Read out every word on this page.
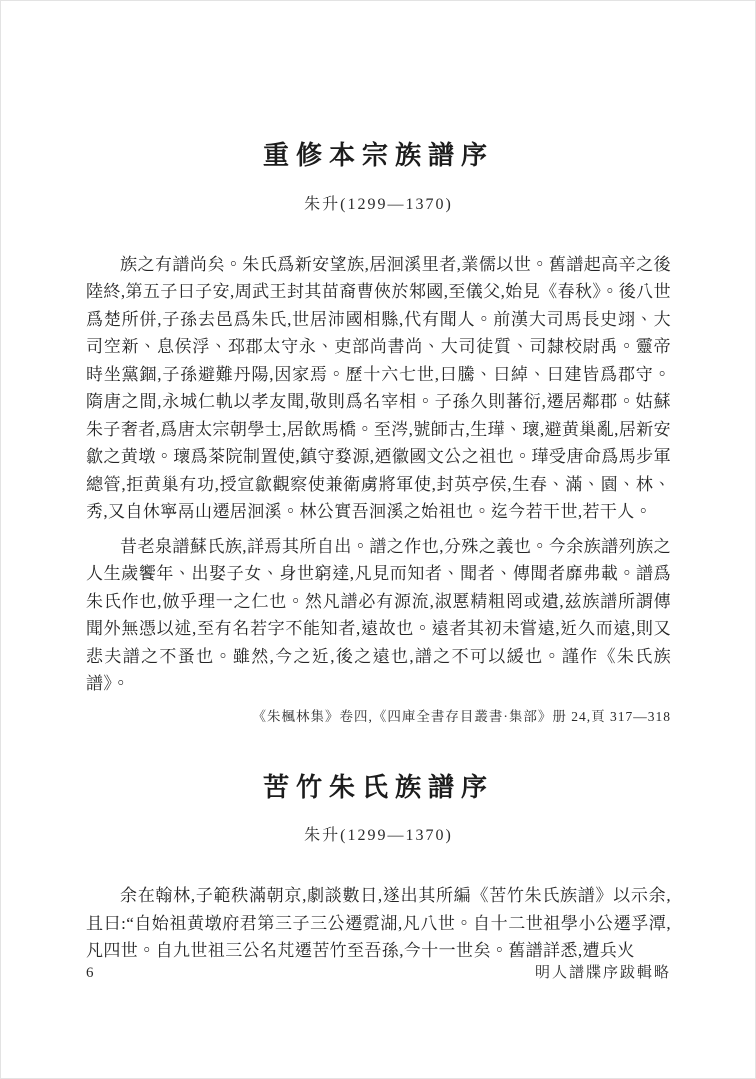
重修本宗族譜序
朱升(1299—1370)

族之有譜尚矣。朱氏爲新安望族,居洄溪里者,業儒以世。舊譜起高辛之後陸終,第五子曰子安,周武王封其苗裔曹俠於邾國,至儀父,始見《春秋》。後八世爲楚所併,子孫去邑爲朱氏,世居沛國相縣,代有聞人。前漢大司馬長史翊、大司空新、息侯浮、邳郡太守永、吏部尚書尚、大司徒質、司隸校尉禹。靈帝時坐黨錮,子孫避難丹陽,因家焉。歷十六七世,曰騰、曰綽、曰建皆爲郡守。隋唐之間,永城仁軌以孝友聞,敬則爲名宰相。子孫久則蕃衍,遷居鄰郡。姑蘇朱子奢者,爲唐太宗朝學士,居飲馬橋。至涔,號師古,生璍、瓌,避黄巢亂,居新安歙之黄墩。瓌爲茶院制置使,鎮守婺源,迺徽國文公之祖也。璍受唐命爲馬步軍總管,拒黄巢有功,授宣歙觀察使兼衛虜將軍使,封英亭侯,生春、滿、園、林、秀,又自休寧鬲山遷居洄溪。林公實吾洄溪之始祖也。迄今若干世,若干人。

昔老泉譜蘇氏族,詳焉其所自出。譜之作也,分殊之義也。今余族譜列族之人生歲饗年、出娶子女、身世窮達,凡見而知者、聞者、傳聞者靡弗載。譜爲朱氏作也,倣乎理一之仁也。然凡譜必有源流,淑慝精粗罔或遺,兹族譜所謂傳聞外無憑以述,至有名若字不能知者,遠故也。遠者其初未嘗遠,近久而遠,則又悲夫譜之不蚤也。雖然,今之近,後之遠也,譜之不可以緩也。謹作《朱氏族譜》。

《朱楓林集》卷四,《四庫全書存目叢書·集部》册 24,頁 317—318
苦竹朱氏族譜序
朱升(1299—1370)

余在翰林,子範秩滿朝京,劇談數日,遂出其所編《苦竹朱氏族譜》以示余,且曰:“自始祖黄墩府君第三子三公遷霓湖,凡八世。自十二世祖學小公遷孚潭,凡四世。自九世祖三公名芃遷苦竹至吾孫,今十一世矣。舊譜詳悉,遭兵火

6	明人譜牒序跋輯略
